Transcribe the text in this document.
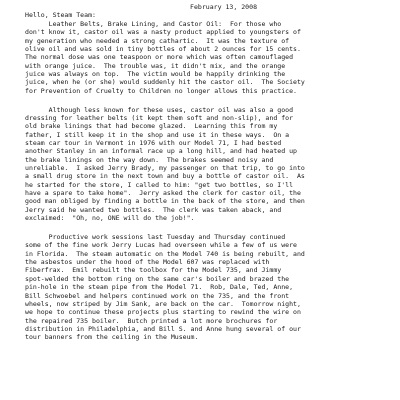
February 13, 2008
Hello, Steam Team:
Leather Belts, Brake Lining, and Castor Oil:  For those who
don't know it, castor oil was a nasty product applied to youngsters of
my generation who needed a strong cathartic.  It was the texture of
olive oil and was sold in tiny bottles of about 2 ounces for 15 cents.
The normal dose was one teaspoon or more which was often camouflaged
with orange juice.  The trouble was, it didn't mix, and the orange
juice was always on top.  The victim would be happily drinking the
juice, when he (or she) would suddenly hit the castor oil.  The Society
for Prevention of Cruelty to Children no longer allows this practice.
Although less known for these uses, castor oil was also a good
dressing for leather belts (it kept them soft and non-slip), and for
old brake linings that had become glazed.  Learning this from my
father, I still keep it in the shop and use it in these ways.  On a
steam car tour in Vermont in 1976 with our Model 71, I had bested
another Stanley in an informal race up a long hill, and had heated up
the brake linings on the way down.  The brakes seemed noisy and
unreliable.  I asked Jerry Brady, my passenger on that trip, to go into
a small drug store in the next town and buy a bottle of castor oil.  As
he started for the store, I called to him: "get two bottles, so I'll
have a spare to take home".  Jerry asked the clerk for castor oil, the
good man obliged by finding a bottle in the back of the store, and then
Jerry said he wanted two bottles.  The clerk was taken aback, and
exclaimed:  "Oh, no, ONE will do the job!".
Productive work sessions last Tuesday and Thursday continued
some of the fine work Jerry Lucas had overseen while a few of us were
in Florida.  The steam automatic on the Model 740 is being rebuilt, and
the asbestos under the hood of the Model 607 was replaced with
Fiberfrax.  Emil rebuilt the toolbox for the Model 735, and Jimmy
spot-welded the bottom ring on the same car's boiler and brazed the
pin-hole in the steam pipe from the Model 71.  Rob, Dale, Ted, Anne,
Bill Schwoebel and helpers continued work on the 735, and the front
wheels, now striped by Jim Sank, are back on the car.  Tomorrow night,
we hope to continue these projects plus starting to rewind the wire on
the repaired 735 boiler.  Butch printed a lot more brochures for
distribution in Philadelphia, and Bill S. and Anne hung several of our
tour banners from the ceiling in the Museum.
